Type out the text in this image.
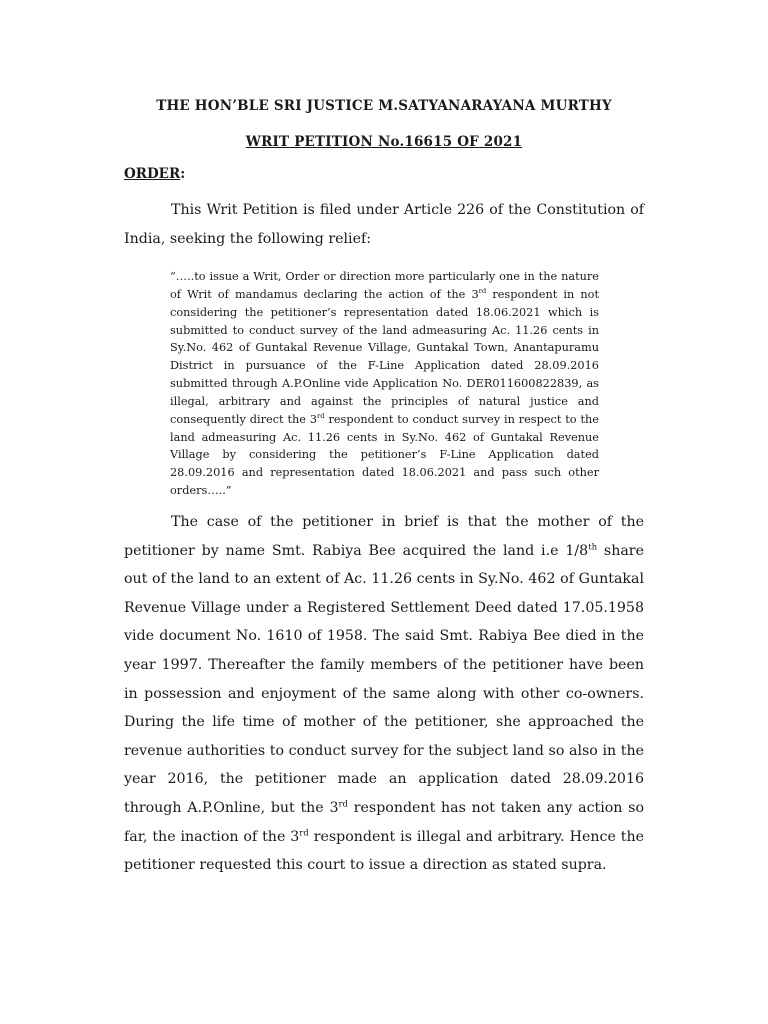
THE HON’BLE SRI JUSTICE M.SATYANARAYANA MURTHY
WRIT PETITION No.16615 OF 2021
ORDER:

This Writ Petition is filed under Article 226 of the Constitution of India, seeking the following relief:

“…..to issue a Writ, Order or direction more particularly one in the nature of Writ of mandamus declaring the action of the 3rd respondent in not considering the petitioner’s representation dated 18.06.2021 which is submitted to conduct survey of the land admeasuring Ac. 11.26 cents in Sy.No. 462 of Guntakal Revenue Village, Guntakal Town, Anantapuramu District in pursuance of the F-Line Application dated 28.09.2016 submitted through A.P.Online vide Application No. DER011600822839, as illegal, arbitrary and against the principles of natural justice and consequently direct the 3rd respondent to conduct survey in respect to the land admeasuring Ac. 11.26 cents in Sy.No. 462 of Guntakal Revenue Village by considering the petitioner’s F-Line Application dated 28.09.2016 and representation dated 18.06.2021 and pass such other orders…..”

The case of the petitioner in brief is that the mother of the petitioner by name Smt. Rabiya Bee acquired the land i.e 1/8th share out of the land to an extent of Ac. 11.26 cents in Sy.No. 462 of Guntakal Revenue Village under a Registered Settlement Deed dated 17.05.1958 vide document No. 1610 of 1958. The said Smt. Rabiya Bee died in the year 1997. Thereafter the family members of the petitioner have been in possession and enjoyment of the same along with other co-owners. During the life time of mother of the petitioner, she approached the revenue authorities to conduct survey for the subject land so also in the year 2016, the petitioner made an application dated 28.09.2016 through A.P.Online, but the 3rd respondent has not taken any action so far, the inaction of the 3rd respondent is illegal and arbitrary. Hence the petitioner requested this court to issue a direction as stated supra.
